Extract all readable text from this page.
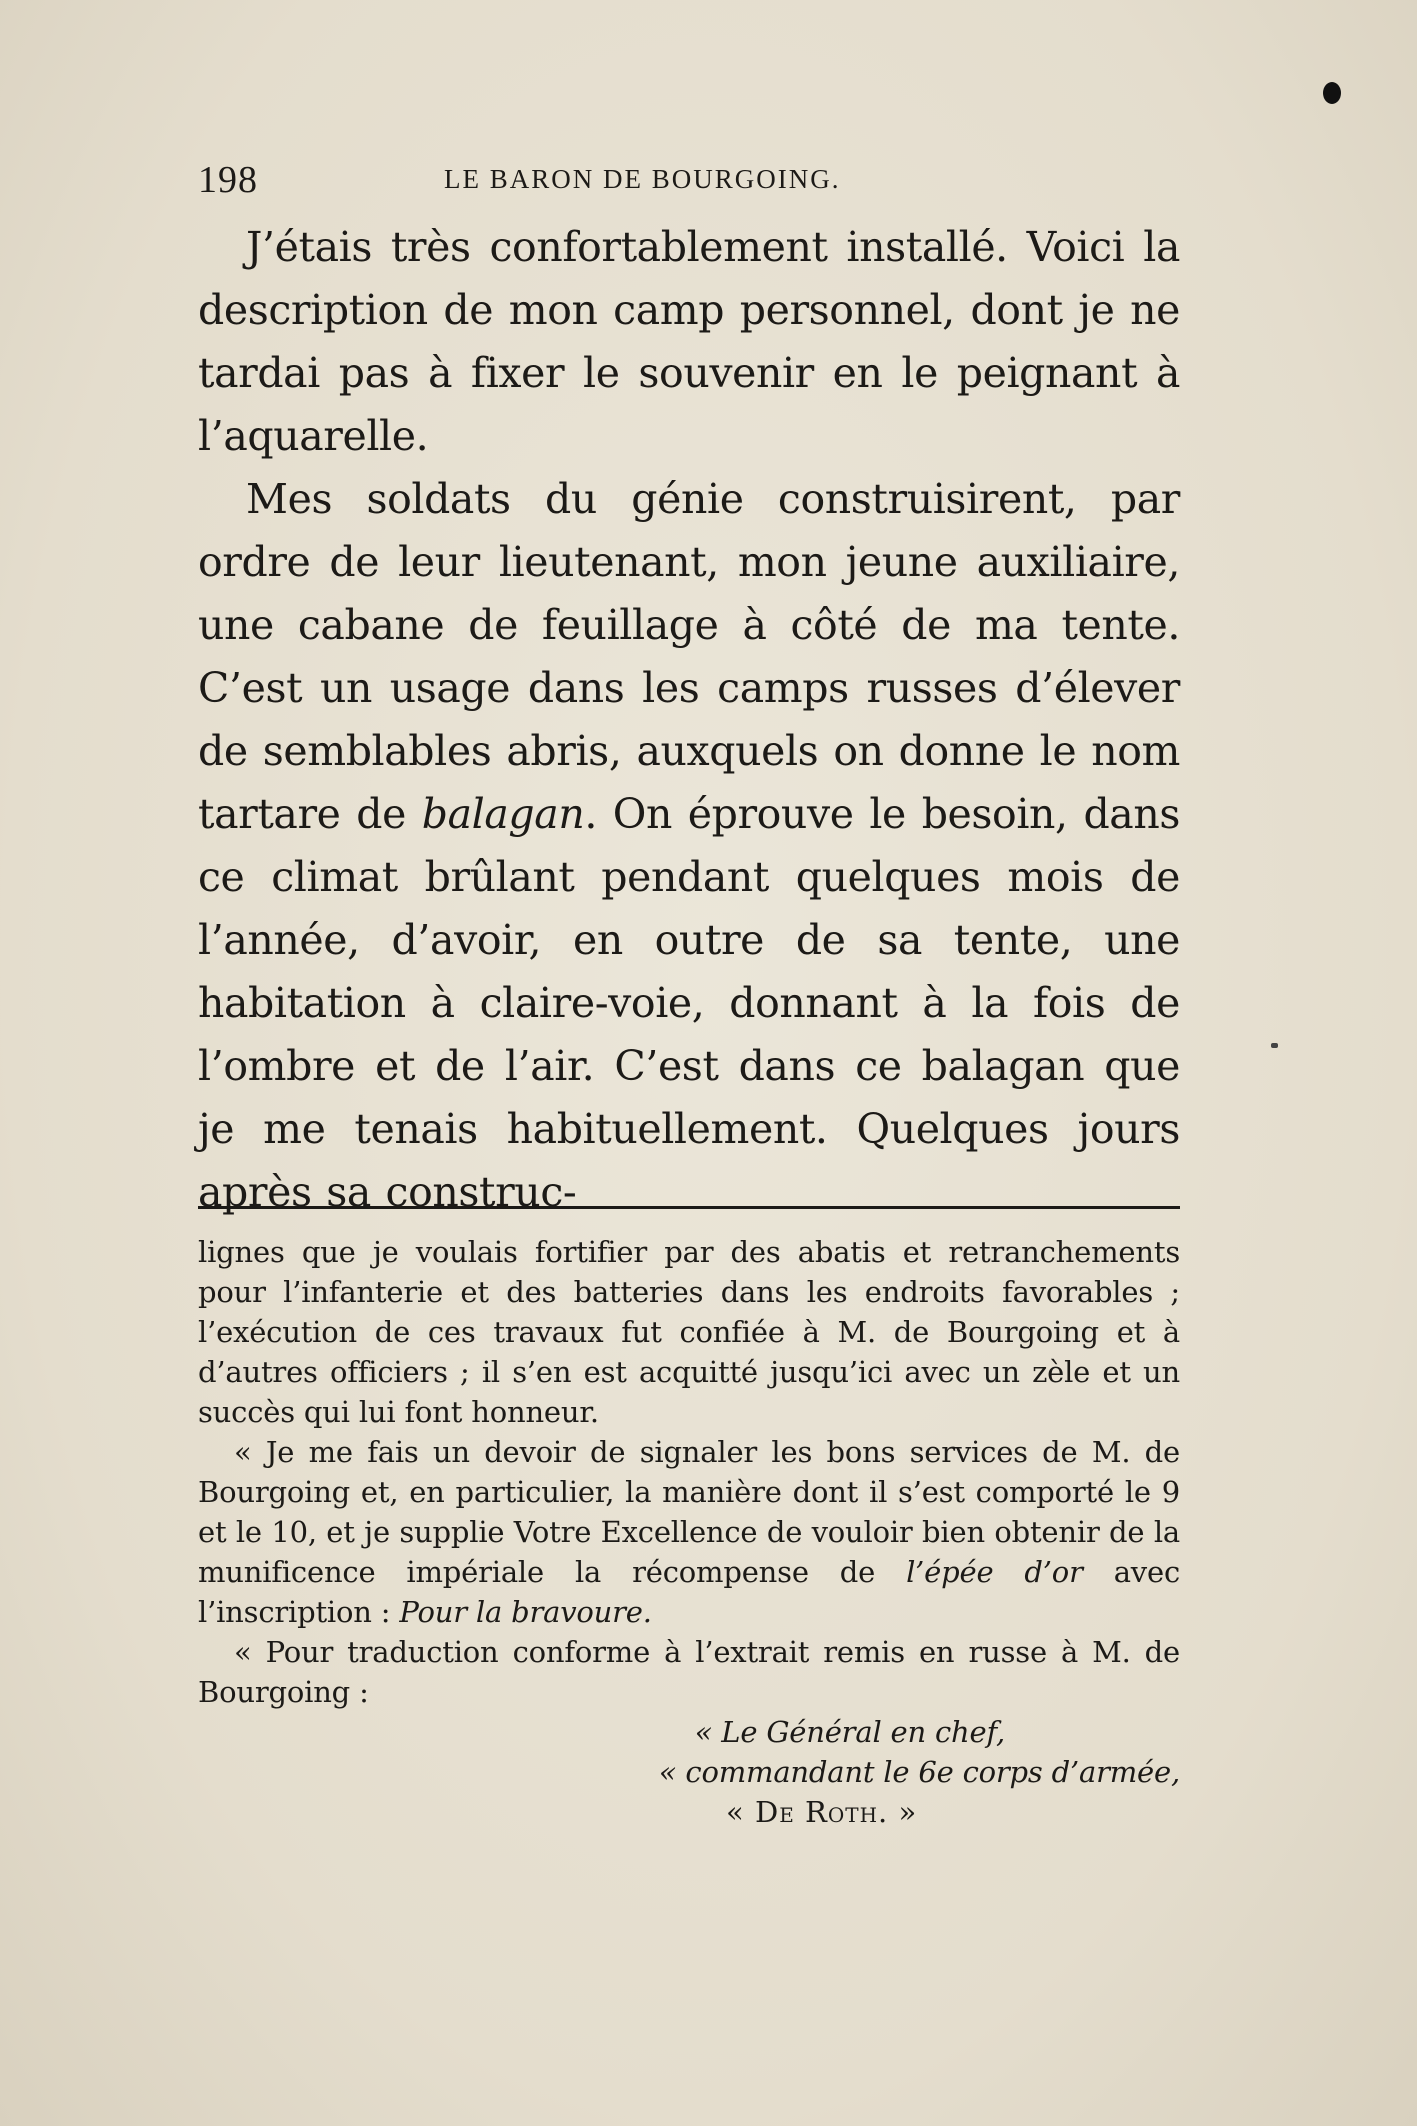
198	LE BARON DE BOURGOING.

J’étais très confortablement installé. Voici la description de mon camp personnel, dont je ne tardai pas à fixer le souvenir en le peignant à l’aquarelle.

Mes soldats du génie construisirent, par ordre de leur lieutenant, mon jeune auxiliaire, une cabane de feuillage à côté de ma tente. C’est un usage dans les camps russes d’élever de semblables abris, auxquels on donne le nom tartare de balagan. On éprouve le besoin, dans ce climat brûlant pendant quelques mois de l’année, d’avoir, en outre de sa tente, une habitation à claire-voie, donnant à la fois de l’ombre et de l’air. C’est dans ce balagan que je me tenais habituellement. Quelques jours après sa construc-

lignes que je voulais fortifier par des abatis et retranchements pour l’infanterie et des batteries dans les endroits favorables ; l’exécution de ces travaux fut confiée à M. de Bourgoing et à d’autres officiers ; il s’en est acquitté jusqu’ici avec un zèle et un succès qui lui font honneur.

« Je me fais un devoir de signaler les bons services de M. de Bourgoing et, en particulier, la manière dont il s’est comporté le 9 et le 10, et je supplie Votre Excellence de vouloir bien obtenir de la munificence impériale la récompense de l’épée d’or avec l’inscription : Pour la bravoure.

« Pour traduction conforme à l’extrait remis en russe à M. de Bourgoing :

« Le Général en chef,

« commandant le 6e corps d’armée,

« De Roth. »
